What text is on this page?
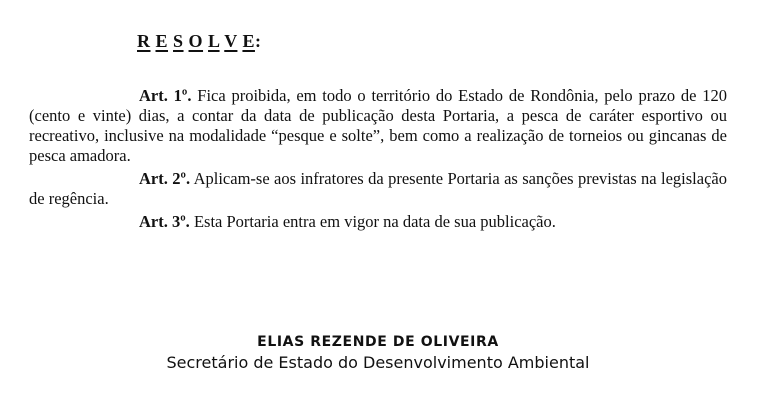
R E S O L V E:

Art. 1º. Fica proibida, em todo o território do Estado de Rondônia, pelo prazo de 120 (cento e vinte) dias, a contar da data de publicação desta Portaria, a pesca de caráter esportivo ou recreativo, inclusive na modalidade “pesque e solte”, bem como a realização de torneios ou gincanas de pesca amadora.

Art. 2º. Aplicam-se aos infratores da presente Portaria as sanções previstas na legislação de regência.

Art. 3º. Esta Portaria entra em vigor na data de sua publicação.

ELIAS REZENDE DE OLIVEIRA

Secretário de Estado do Desenvolvimento Ambiental
